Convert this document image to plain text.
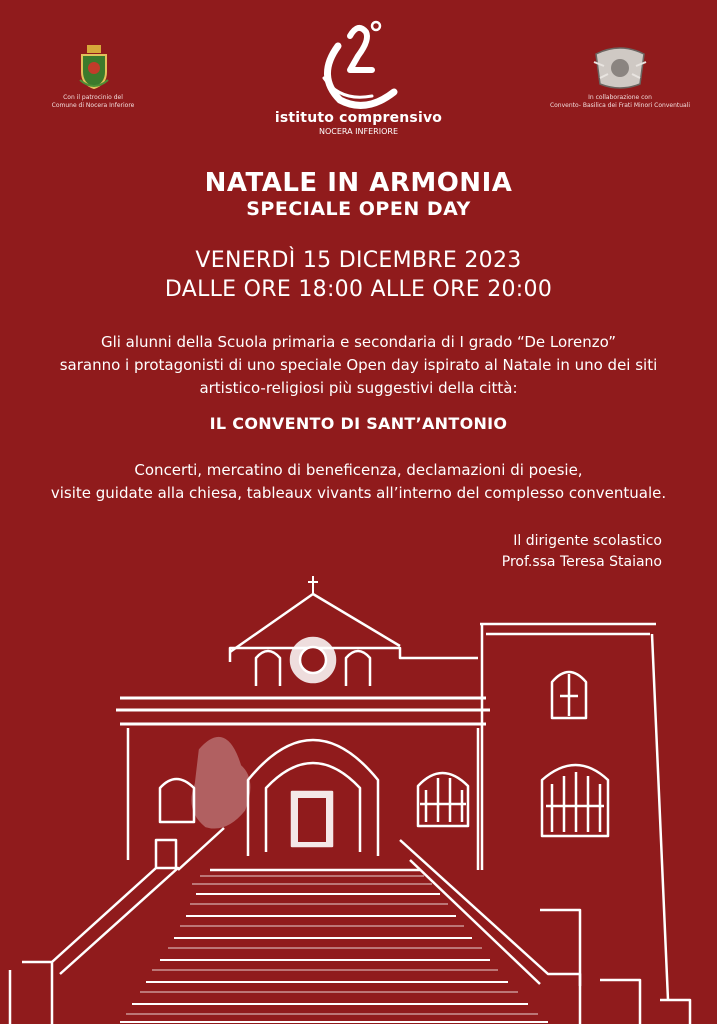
Con il patrocinio del
Comune di Nocera Inferiore
istituto comprensivo
NOCERA INFERIORE
In collaborazione con
Convento- Basilica dei Frati Minori Conventuali
NATALE IN ARMONIA
SPECIALE OPEN DAY
VENERDÌ 15 DICEMBRE 2023
DALLE ORE 18:00 ALLE ORE 20:00
Gli alunni della Scuola primaria e secondaria di I grado “De Lorenzo”
saranno i protagonisti di uno speciale Open day ispirato al Natale in uno dei siti
artistico-religiosi più suggestivi della città:
IL CONVENTO DI SANT’ANTONIO
Concerti, mercatino di beneficenza, declamazioni di poesie,
visite guidate alla chiesa, tableaux vivants all’interno del complesso conventuale.
Il dirigente scolastico
Prof.ssa Teresa Staiano
